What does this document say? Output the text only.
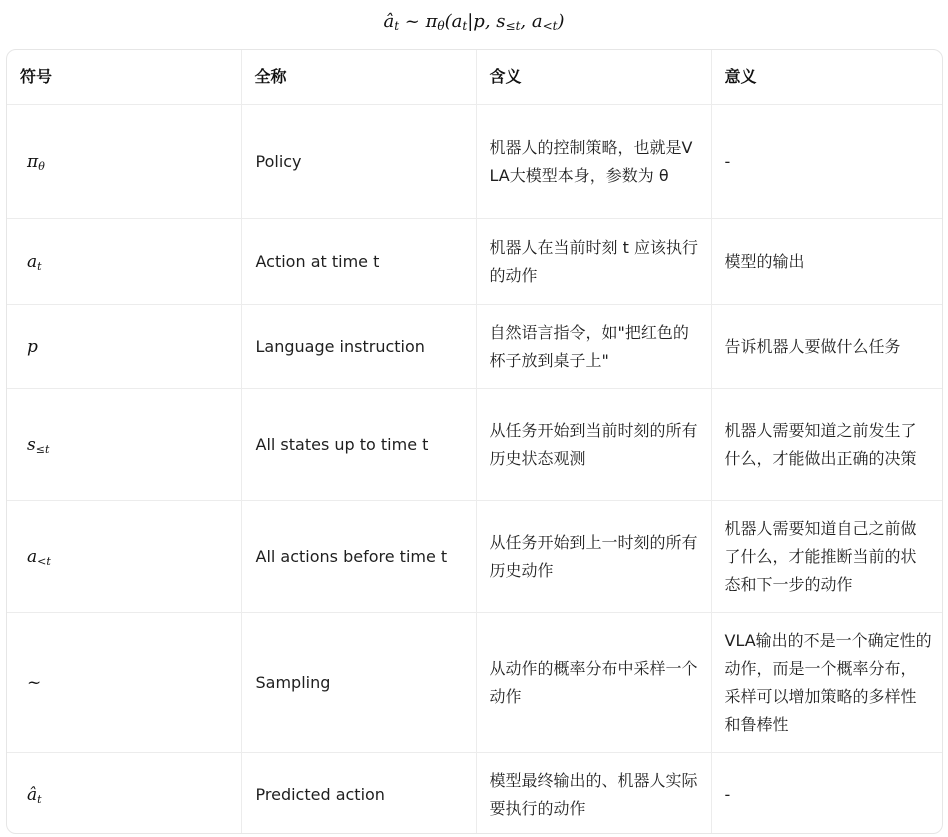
$â_t$ ~ $\pi_\theta(a_t|p$, $s_{\le t}$, $a_{<t}$)
符号	全称	含义	意义
$\pi_\theta$	Policy	机器人的控制策略，也就是VLA大模型本身，参数为 θ	-
$a_t$	Action at time t	机器人在当前时刻 t 应该执行的动作	模型的输出
p	Language instruction	自然语言指令，如"把红色的杯子放到桌子上"	告诉机器人要做什么任务
$s_{\le t}$	All states up to time t	从任务开始到当前时刻的所有历史状态观测	机器人需要知道之前发生了什么，才能做出正确的决策
$a_{<t}$	All actions before time t	从任务开始到上一时刻的所有历史动作	机器人需要知道自己之前做了什么，才能推断当前的状态和下一步的动作
~	Sampling	从动作的概率分布中采样一个动作	VLA输出的不是一个确定性的动作，而是一个概率分布，采样可以增加策略的多样性和鲁棒性
$â_t$	Predicted action	模型最终输出的、机器人实际要执行的动作	-
